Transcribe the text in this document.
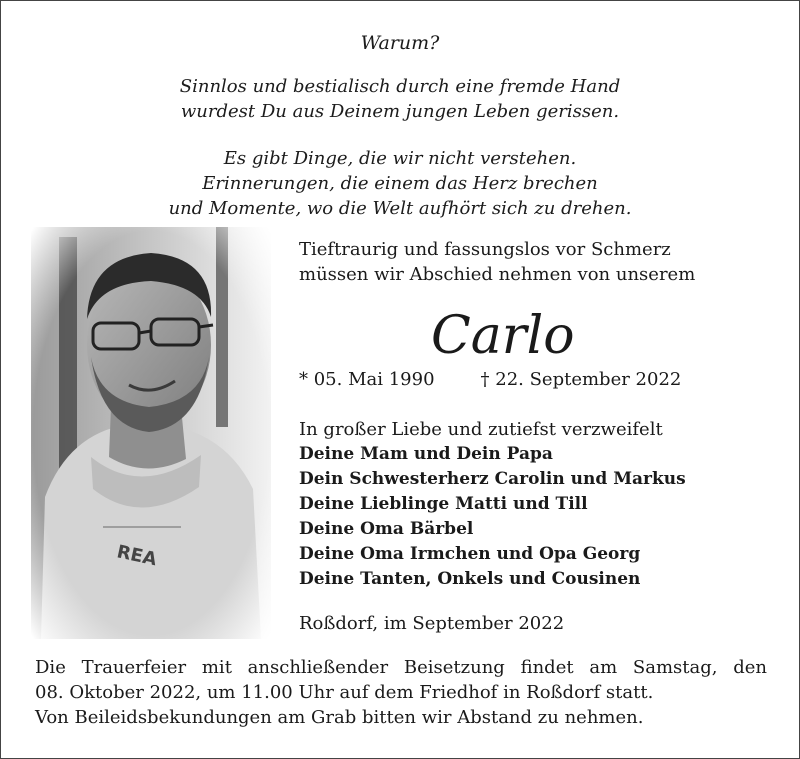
Warum?
Sinnlos und bestialisch durch eine fremde Hand
wurdest Du aus Deinem jungen Leben gerissen.
Es gibt Dinge, die wir nicht verstehen.
Erinnerungen, die einem das Herz brechen
und Momente, wo die Welt aufhört sich zu drehen.
Tieftraurig und fassungslos vor Schmerz
müssen wir Abschied nehmen von unserem
Carlo
* 05. Mai 1990	† 22. September 2022
In großer Liebe und zutiefst verzweifelt
Deine Mam und Dein Papa
Dein Schwesterherz Carolin und Markus
Deine Lieblinge Matti und Till
Deine Oma Bärbel
Deine Oma Irmchen und Opa Georg
Deine Tanten, Onkels und Cousinen
Roßdorf, im September 2022
Die Trauerfeier mit anschließender Beisetzung findet am Samstag, den
08. Oktober 2022, um 11.00 Uhr auf dem Friedhof in Roßdorf statt.
Von Beileidsbekundungen am Grab bitten wir Abstand zu nehmen.
